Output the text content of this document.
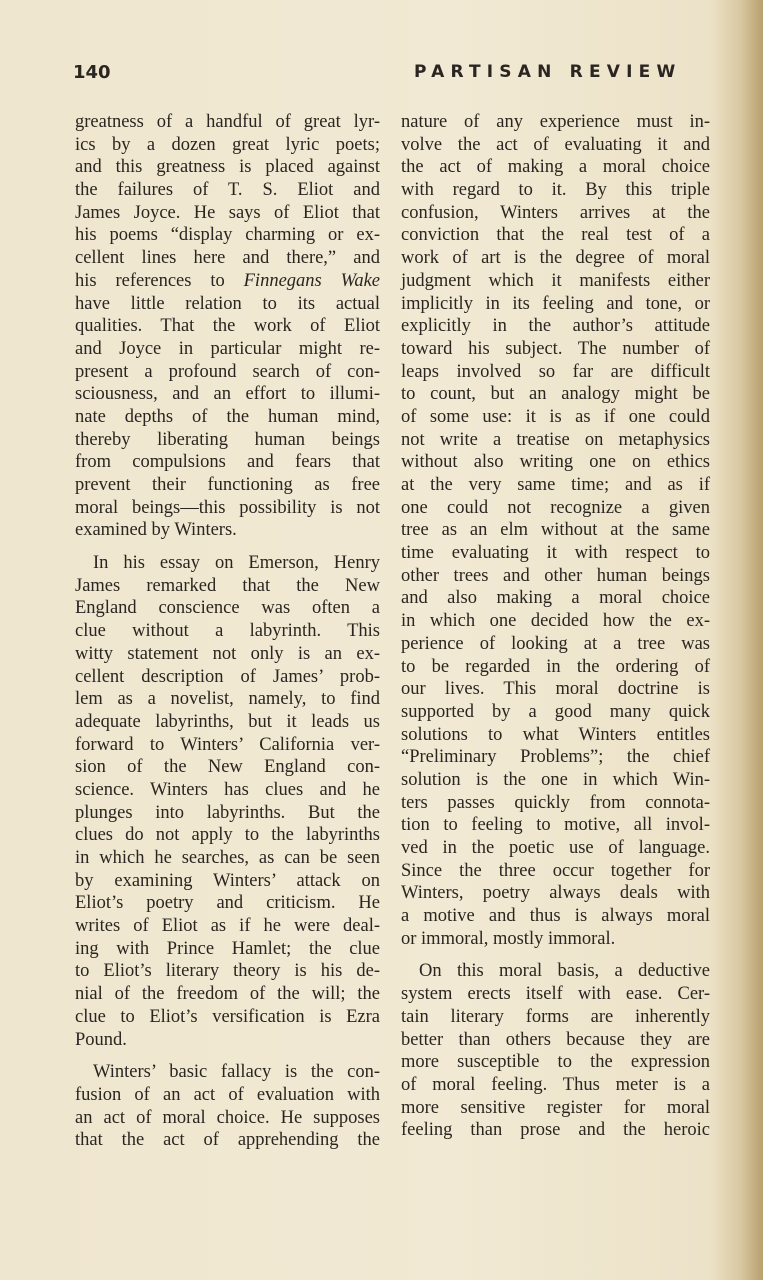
140	PARTISAN REVIEW
greatness of a handful of great lyr-
ics by a dozen great lyric poets;
and this greatness is placed against
the failures of T. S. Eliot and
James Joyce. He says of Eliot that
his poems “display charming or ex-
cellent lines here and there,” and
his references to Finnegans Wake
have little relation to its actual
qualities. That the work of Eliot
and Joyce in particular might re-
present a profound search of con-
sciousness, and an effort to illumi-
nate depths of the human mind,
thereby liberating human beings
from compulsions and fears that
prevent their functioning as free
moral beings—this possibility is not
examined by Winters.
In his essay on Emerson, Henry
James remarked that the New
England conscience was often a
clue without a labyrinth. This
witty statement not only is an ex-
cellent description of James’ prob-
lem as a novelist, namely, to find
adequate labyrinths, but it leads us
forward to Winters’ California ver-
sion of the New England con-
science. Winters has clues and he
plunges into labyrinths. But the
clues do not apply to the labyrinths
in which he searches, as can be seen
by examining Winters’ attack on
Eliot’s poetry and criticism. He
writes of Eliot as if he were deal-
ing with Prince Hamlet; the clue
to Eliot’s literary theory is his de-
nial of the freedom of the will; the
clue to Eliot’s versification is Ezra
Pound.
Winters’ basic fallacy is the con-
fusion of an act of evaluation with
an act of moral choice. He supposes
that the act of apprehending the
nature of any experience must in-
volve the act of evaluating it and
the act of making a moral choice
with regard to it. By this triple
confusion, Winters arrives at the
conviction that the real test of a
work of art is the degree of moral
judgment which it manifests either
implicitly in its feeling and tone, or
explicitly in the author’s attitude
toward his subject. The number of
leaps involved so far are difficult
to count, but an analogy might be
of some use: it is as if one could
not write a treatise on metaphysics
without also writing one on ethics
at the very same time; and as if
one could not recognize a given
tree as an elm without at the same
time evaluating it with respect to
other trees and other human beings
and also making a moral choice
in which one decided how the ex-
perience of looking at a tree was
to be regarded in the ordering of
our lives. This moral doctrine is
supported by a good many quick
solutions to what Winters entitles
“Preliminary Problems”; the chief
solution is the one in which Win-
ters passes quickly from connota-
tion to feeling to motive, all invol-
ved in the poetic use of language.
Since the three occur together for
Winters, poetry always deals with
a motive and thus is always moral
or immoral, mostly immoral.
On this moral basis, a deductive
system erects itself with ease. Cer-
tain literary forms are inherently
better than others because they are
more susceptible to the expression
of moral feeling. Thus meter is a
more sensitive register for moral
feeling than prose and the heroic
